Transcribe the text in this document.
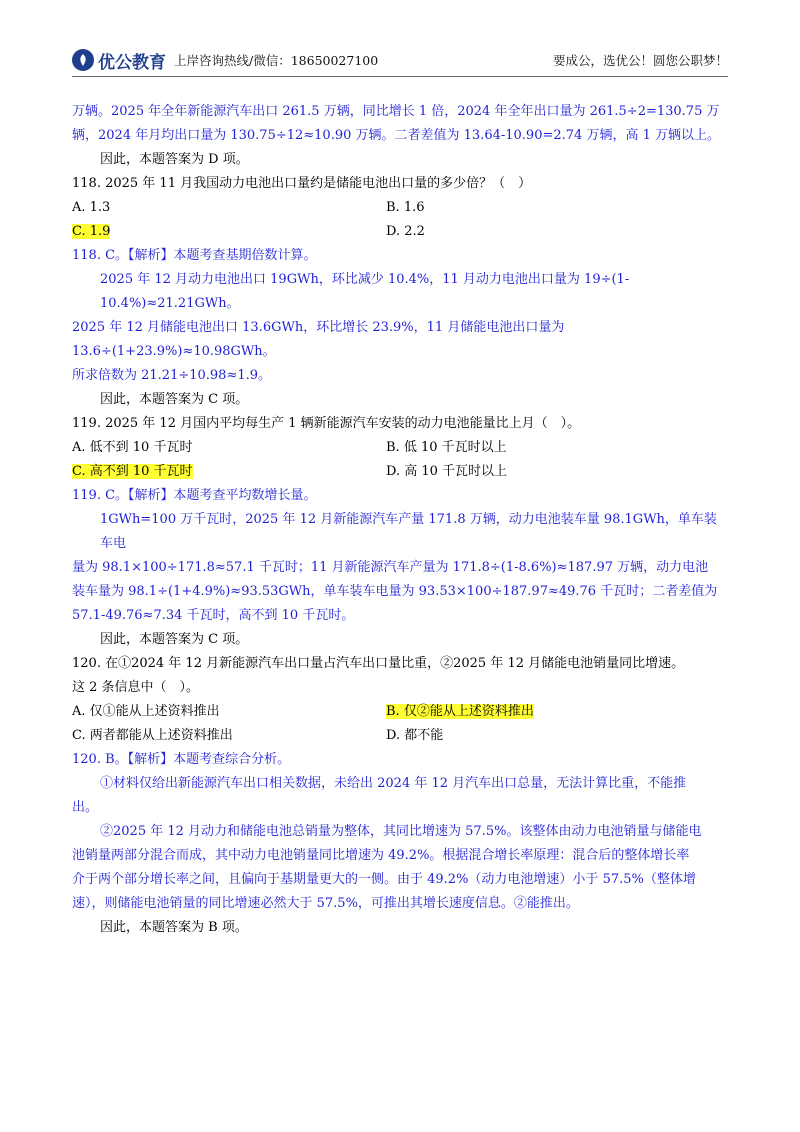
优公教育 上岸咨询热线/微信：18650027100	要成公，选优公！圆您公职梦！

万辆。2025 年全年新能源汽车出口 261.5 万辆，同比增长 1 倍，2024 年全年出口量为 261.5÷2=130.75 万

辆，2024 年月均出口量为 130.75÷12≈10.90 万辆。二者差值为 13.64-10.90=2.74 万辆，高 1 万辆以上。

因此，本题答案为 D 项。

118. 2025 年 11 月我国动力电池出口量约是储能电池出口量的多少倍？（　）

A. 1.3	B. 1.6
C. 1.9	D. 2.2

118. C。【解析】本题考查基期倍数计算。

2025 年 12 月动力电池出口 19GWh，环比减少 10.4%，11 月动力电池出口量为 19÷(1-10.4%)≈21.21GWh。

2025 年 12 月储能电池出口 13.6GWh，环比增长 23.9%，11 月储能电池出口量为 13.6÷(1+23.9%)≈10.98GWh。

所求倍数为 21.21÷10.98≈1.9。

因此，本题答案为 C 项。

119. 2025 年 12 月国内平均每生产 1 辆新能源汽车安装的动力电池能量比上月（　）。

A. 低不到 10 千瓦时	B. 低 10 千瓦时以上
C. 高不到 10 千瓦时	D. 高 10 千瓦时以上

119. C。【解析】本题考查平均数增长量。

1GWh=100 万千瓦时，2025 年 12 月新能源汽车产量 171.8 万辆，动力电池装车量 98.1GWh，单车装车电

量为 98.1×100÷171.8≈57.1 千瓦时；11 月新能源汽车产量为 171.8÷(1-8.6%)≈187.97 万辆，动力电池

装车量为 98.1÷(1+4.9%)≈93.53GWh，单车装车电量为 93.53×100÷187.97≈49.76 千瓦时；二者差值为

57.1-49.76≈7.34 千瓦时，高不到 10 千瓦时。

因此，本题答案为 C 项。

120. 在①2024 年 12 月新能源汽车出口量占汽车出口量比重，②2025 年 12 月储能电池销量同比增速。

这 2 条信息中（　）。

A. 仅①能从上述资料推出	B. 仅②能从上述资料推出
C. 两者都能从上述资料推出	D. 都不能

120. B。【解析】本题考查综合分析。

①材料仅给出新能源汽车出口相关数据，未给出 2024 年 12 月汽车出口总量，无法计算比重，不能推

出。

②2025 年 12 月动力和储能电池总销量为整体，其同比增速为 57.5%。该整体由动力电池销量与储能电

池销量两部分混合而成，其中动力电池销量同比增速为 49.2%。根据混合增长率原理：混合后的整体增长率

介于两个部分增长率之间，且偏向于基期量更大的一侧。由于 49.2%（动力电池增速）小于 57.5%（整体增

速），则储能电池销量的同比增速必然大于 57.5%，可推出其增长速度信息。②能推出。

因此，本题答案为 B 项。
